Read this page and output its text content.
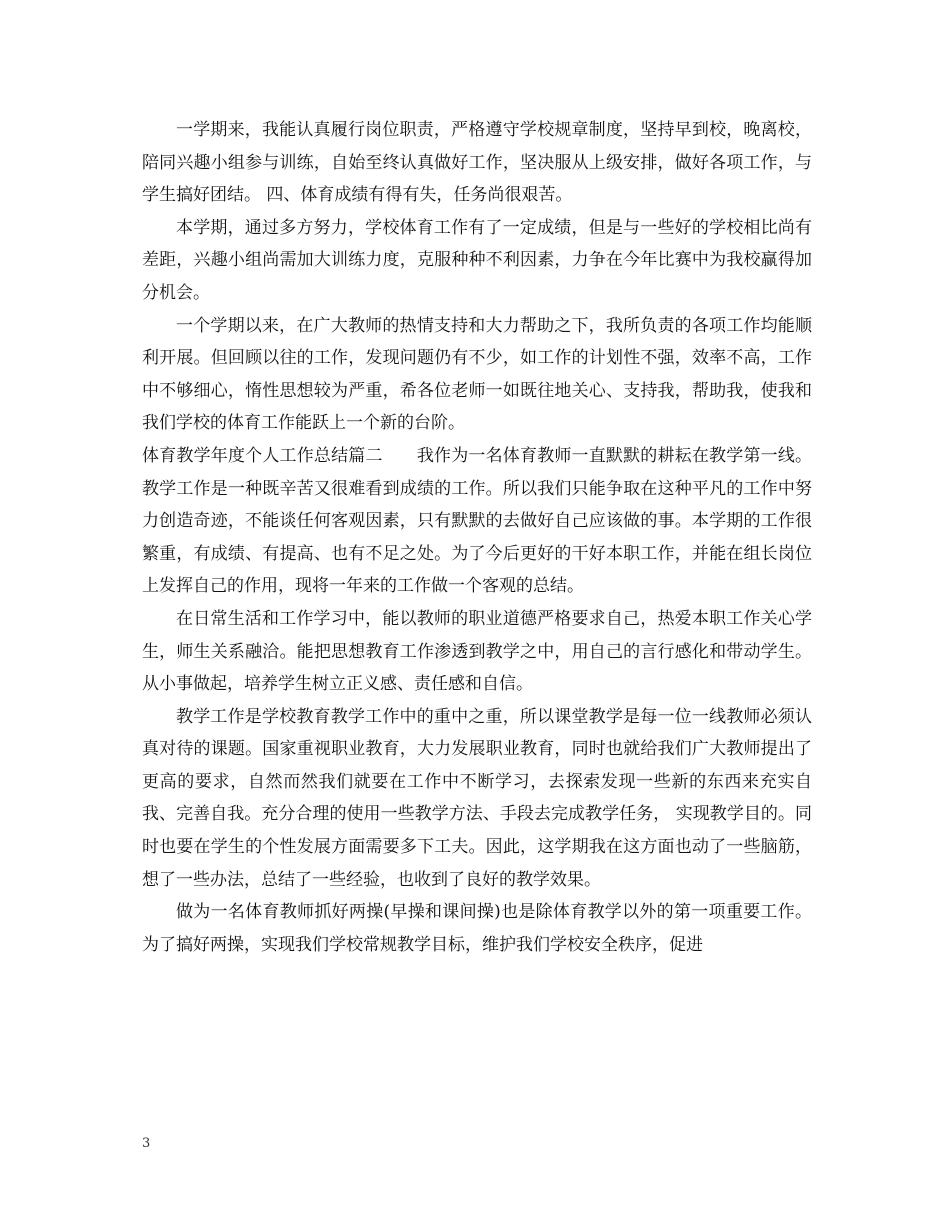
一学期来，我能认真履行岗位职责，严格遵守学校规章制度，坚持早到校，晚离校，陪同兴趣小组参与训练，自始至终认真做好工作，坚决服从上级安排，做好各项工作，与学生搞好团结。 四、体育成绩有得有失，任务尚很艰苦。

本学期，通过多方努力，学校体育工作有了一定成绩，但是与一些好的学校相比尚有差距，兴趣小组尚需加大训练力度，克服种种不利因素，力争在今年比赛中为我校赢得加分机会。

一个学期以来，在广大教师的热情支持和大力帮助之下，我所负责的各项工作均能顺利开展。但回顾以往的工作，发现问题仍有不少，如工作的计划性不强，效率不高，工作中不够细心，惰性思想较为严重，希各位老师一如既往地关心、支持我，帮助我，使我和我们学校的体育工作能跃上一个新的台阶。

体育教学年度个人工作总结篇二 我作为一名体育教师一直默默的耕耘在教学第一线。教学工作是一种既辛苦又很难看到成绩的工作。所以我们只能争取在这种平凡的工作中努力创造奇迹，不能谈任何客观因素，只有默默的去做好自己应该做的事。本学期的工作很繁重，有成绩、有提高、也有不足之处。为了今后更好的干好本职工作，并能在组长岗位上发挥自己的作用，现将一年来的工作做一个客观的总结。

在日常生活和工作学习中，能以教师的职业道德严格要求自己，热爱本职工作关心学生，师生关系融洽。能把思想教育工作渗透到教学之中，用自己的言行感化和带动学生。从小事做起，培养学生树立正义感、责任感和自信。

教学工作是学校教育教学工作中的重中之重，所以课堂教学是每一位一线教师必须认真对待的课题。国家重视职业教育，大力发展职业教育，同时也就给我们广大教师提出了更高的要求，自然而然我们就要在工作中不断学习，去探索发现一些新的东西来充实自我、完善自我。充分合理的使用一些教学方法、手段去完成教学任务， 实现教学目的。同时也要在学生的个性发展方面需要多下工夫。因此，这学期我在这方面也动了一些脑筋，想了一些办法，总结了一些经验，也收到了良好的教学效果。

做为一名体育教师抓好两操(早操和课间操)也是除体育教学以外的第一项重要工作。为了搞好两操，实现我们学校常规教学目标，维护我们学校安全秩序，促进

3
